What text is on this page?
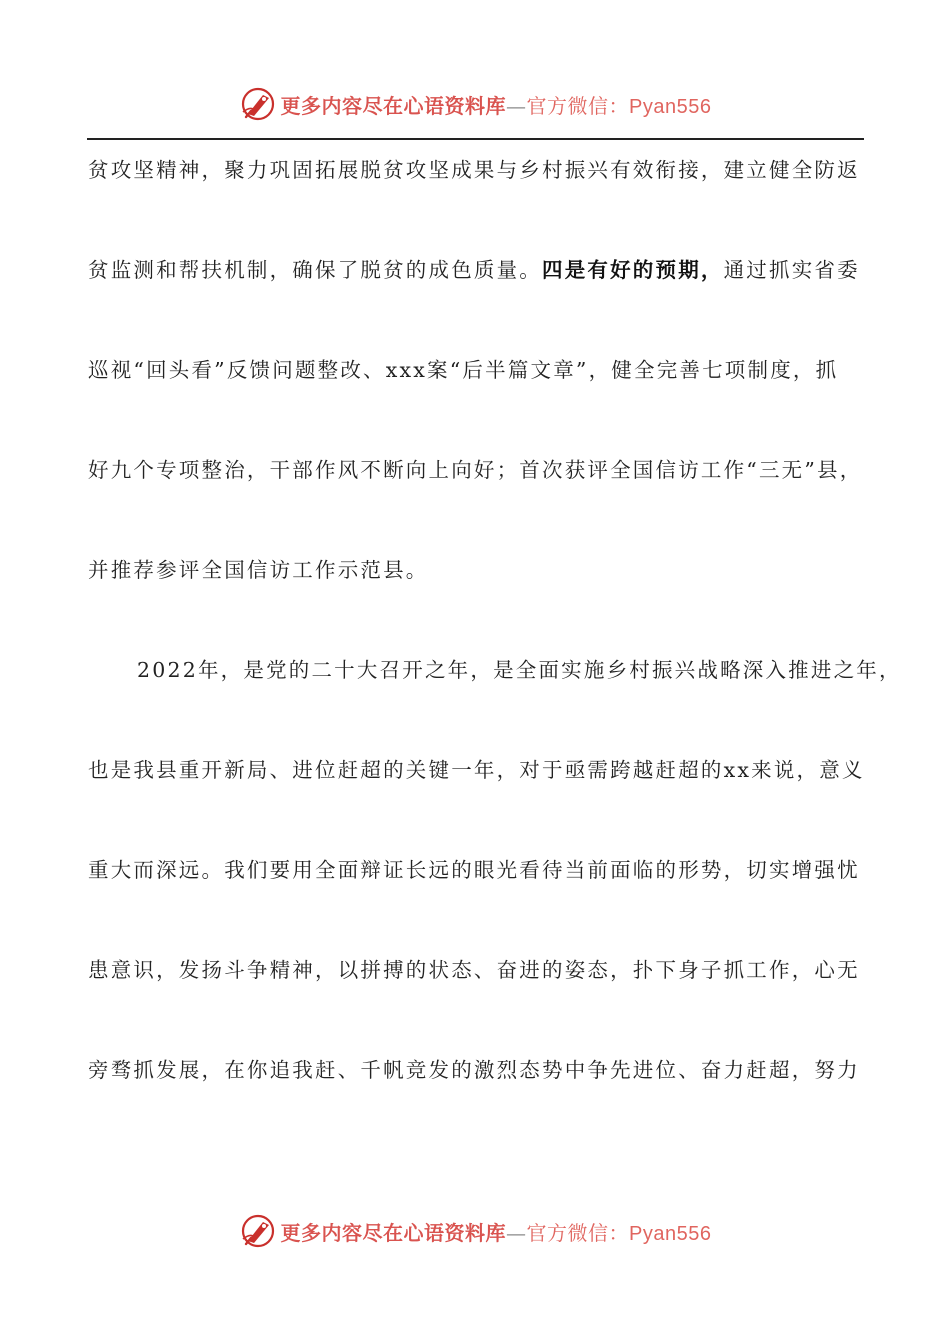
更多内容尽在心语资料库—官方微信：Pyan556
贫攻坚精神，聚力巩固拓展脱贫攻坚成果与乡村振兴有效衔接，建立健全防返
贫监测和帮扶机制，确保了脱贫的成色质量。四是有好的预期，通过抓实省委
巡视“回头看”反馈问题整改、xxx案“后半篇文章”，健全完善七项制度，抓
好九个专项整治，干部作风不断向上向好；首次获评全国信访工作“三无”县，
并推荐参评全国信访工作示范县。
2022年，是党的二十大召开之年，是全面实施乡村振兴战略深入推进之年，
也是我县重开新局、进位赶超的关键一年，对于亟需跨越赶超的xx来说，意义
重大而深远。我们要用全面辩证长远的眼光看待当前面临的形势，切实增强忧
患意识，发扬斗争精神，以拼搏的状态、奋进的姿态，扑下身子抓工作，心无
旁骛抓发展，在你追我赶、千帆竞发的激烈态势中争先进位、奋力赶超，努力
更多内容尽在心语资料库—官方微信：Pyan556
